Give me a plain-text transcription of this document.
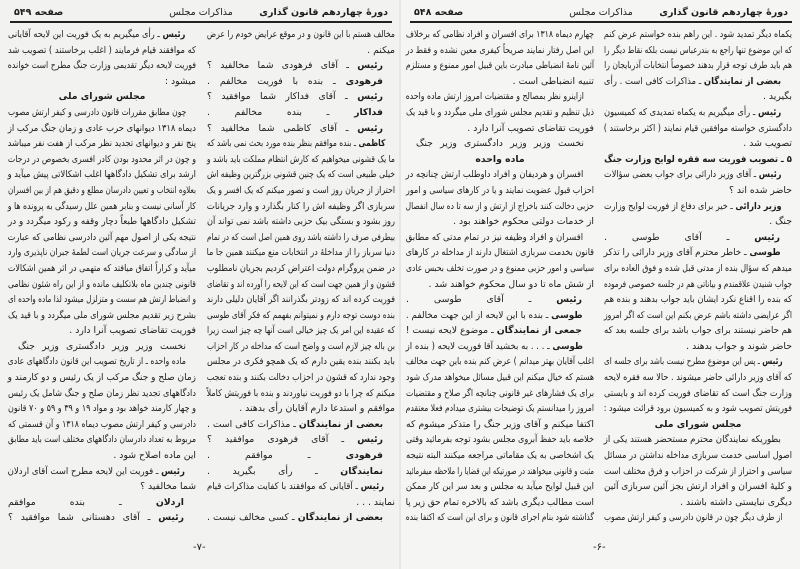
دورهٔ چهاردهم قانون گذاری
مذاکرات مجلس
صفحه ۵۴۹
مخالف هستم با این قانون و در موقع عرایض خودم را عرض
میکنم .
رئیس ـ آقای فرهودی شما مخالفید ؟
فرهودی ـ بنده با فوریت مخالفم .
رئیس ـ آقای فداکار شما موافقید ؟
فداکار ـ بنده مخالفم .
رئیس ـ آقای کاظمی شما مخالفید ؟
کاظمی ـ بنده موافقم بنظر بنده مورد بحث نمی باشد که
ما یک قشونی میخواهیم که کارش انتظام مملکت باید باشد و
خیلی طبیعی است که یک چنین قشونی بزرگترین وظیفه اش
احتراز از جریان روز است و تصور میکنم که یک افسر و یک
سربازی اگر وظیفه اش را کنار بگذارد و وارد جریانات
روز بشود و بستگی بیک حزبی داشته باشد نمی تواند آن
بیطرفی صرف را داشته باشد روی همین اصل است که در تمام
دنیا سرباز را از مداخلهٔ در انتخابات منع میکنند همین جا ما
در ضمن پروگرام دولت اعتراض کردیم بجریان نامطلوب
قشون و از همین جهت است که این لایحه را آورده اند و تقاضای
فوریت کرده اند که زودتر بگذرانند اگر آقایان دلیلی دارند
بنده دوست توجه دارم و نمیتوانم بفهمم که فکر آقای طوسی
که عقیده این امر یک چیز خیالی است آنها چه چیز است زیرا
بن باله چیز لازم است و واضح است که مداخله در کار احزاب
باید بکنند بنده یقین دارم که یک همچو فکری در مجلس
وجود ندارد که قشون در احزاب دخالت بکنند و بنده تعجب
میکنم که چرا با دو فوریت نیاوردند و بنده با فوریتش کاملاً
موافقم و استدعا دارم آقایان رأی بدهند .
بعضی از نمایندگان ـ مذاکرات کافی است .
رئیس ـ آقای فرهودی موافقید ؟
فرهودی ـ موافقم .
نمایندگان ـ رأی بگیرید .
رئیس ـ آقایانی که موافقند با کفایت مذاکرات قیام
نمایند . . .
بعضی از نمایندگان ـ کسی مخالف نیست .
رئیس ـ رأی میگیریم به یک فوریت این لایحه آقایانی
که موافقند قیام فرمایند ( اغلب برخاستند ) تصویب شد
فوریت لایحه دیگر تقدیمی وزارت جنگ مطرح است خوانده
میشود :
مجلس شورای ملی
چون مطابق مقررات قانون دادرسی و کیفر ارتش مصوب
دیماه ۱۳۱۸ دیوانهای حرب عادی و زمان جنگ مرکب از
پنج نفر و دیوانهای تجدید نظر مرکب از هفت نفر میباشد
و چون در اثر محدود بودن کادر افسری بخصوص در درجات
ارشد برای تشکیل دادگاهها اغلب اشکالاتی پیش میآید و
بعلاوه انتخاب و تعیین دادرسان مطلع و دقیق هم از بین افسران
کار آسانی نیست و بنابر همین علل رسیدگی به پرونده ها و
تشکیل دادگاهها طبعاً دچار وقفه و رکود میگردد و در
نتیجه یکی از اصول مهم آئین دادرسی نظامی که عبارت
از سادگی و سرعت جریان است لطمهٔ جبران ناپذیری وارد
میآید و کراراً اتفاق میافتد که متهمی در اثر همین اشکالات
قانونی چندین ماه بلاتکلیف مانده و از این راه شئون نظامی
و انضباط ارتش هم سست و متزلزل میشود لذا ماده واحده ای
بشرح زیر تقدیم مجلس شورای ملی میگردد و با قید یک
فوریت تقاضای تصویب آنرا دارد .
نخست وزیر وزیر دادگستری وزیر جنگ
ماده واحده ـ از تاریخ تصویب این قانون دادگاههای عادی
زمان صلح و جنگ مرکب از یک رئیس و دو کارمند و
دادگاههای تجدید نظر زمان صلح و جنگ شامل یک رئیس
و چهار کارمند خواهد بود و مواد ۱۹ و ۳۹ و ۵۹ و ۷۰ قانون
دادرسی و کیفر ارتش مصوب دیماه ۱۳۱۸ و آن قسمتی که
مربوط به تعداد دادرسان دادگاههای مختلف است باید مطابق
این ماده اصلاح شود .
رئیس ـ فوریت این لایحه مطرح است آقای اردلان
شما مخالفید ؟
اردلان ـ بنده موافقم
رئیس ـ آقای دهستانی شما موافقید ؟
-۷-
دورهٔ چهاردهم قانون گذاری
مذاکرات مجلس
صفحه ۵۴۸
یکماه دیگر تمدید شود . این راهم بنده خواستم عرض کنم
که این موضوع تنها راجع به بندرعباس نیست بلکه نقاط دیگر را
هم باید طرف توجه قرار بدهند خصوصاً انتخابات آذربایجان را
بعضی از نمایندگان ـ مذاکرات کافی است . رأی
بگیرید .
رئیس ـ رأی میگیریم به یکماه تمدیدی که کمیسیون
دادگستری خواسته موافقین قیام نمایند ( اکثر برخاستند )
تصویب شد .
۵ ـ تصویب فوریت سه فقره لوایح وزارت جنگ
رئیس ـ آقای وزیر دارائی برای جواب بعضی سؤالات
حاضر شده اند ؟
وزیر دارائی ـ خیر برای دفاع از فوریت لوایح وزارت
جنگ .
رئیس ـ آقای طوسی .
طوسی ـ خاطر محترم آقای وزیر دارائی را تذکر
میدهم که سؤال بنده از مدتی قبل شده و فوق العاده برای
جواب شنیدن علاقمندم و بیاناتی هم در جلسه خصوصی فرموده
که بنده را اقناع نکرد ایشان باید جواب بدهند و بنده هم
اگر عرایضی داشته باشم عرض بکنم این است که اگر امروز
هم حاضر نیستند برای جواب باشد برای جلسه بعد که
حاضر شوند و جواب بدهند .
رئیس ـ پس این موضوع مطرح نیست باشد برای جلسه ای
که آقای وزیر دارائی حاضر میشوند . حالا سه فقره لایحه
وزارت جنگ است که تقاضای فوریت کرده اند و بایستی
فوریتش تصویب شود و به کمیسیون برود قرائت میشود :
مجلس شورای ملی
بطوریکه نمایندگان محترم مستحضر هستند یکی از
اصول اساسی خدمت سربازی مداخله نداشتن در مسائل
سیاسی و احتراز از شرکت در احزاب و فرق مختلف است
و کلیهٔ افسران و افراد ارتش بجز آئین سربازی آئین
دیگری نبایستی داشته باشند .
از طرف دیگر چون در قانون دادرسی و کیفر ارتش مصوب
چهارم دیماه ۱۳۱۸ برای افسران و افراد نظامی که برخلاف
این اصل رفتار نمایند صریحاً کیفری معین نشده و فقط در
آئین نامهٔ انضباطی مبادرت باین قبیل امور ممنوع و مستلزم
تنبیه انضباطی است .
ازاینرو نظر بمصالح و مقتضیات امروز ارتش ماده واحده
ذیل تنظیم و تقدیم مجلس شورای ملی میگردد و با قید یک
فوریت تقاضای تصویب آنرا دارد .
نخست وزیر وزیر دادگستری وزیر جنگ
ماده واحده
افسران و هردیفان و افراد داوطلب ارتش چنانچه در
احزاب قبول عضویت نمایند و یا در کارهای سیاسی و امور
حزبی دخالت کنند باخراج از ارتش و از سه تا ده سال انفصال
از خدمات دولتی محکوم خواهند بود .
افسران و افراد وظیفه نیز در تمام مدتی که مطابق
قانون بخدمت سربازی اشتغال دارند از مداخله در کارهای
سیاسی و امور حزبی ممنوع و در صورت تخلف بحبس عادی
از شش ماه تا دو سال محکوم خواهند شد .
رئیس ـ آقای طوسی .
طوسی ـ بنده با این لایحه از این جهت مخالفم .
جمعی از نمایندگان ـ موضوع لایحه نیست !
طوسی ـ . . . به بخشید آقا فوریت لایحه ( بنده از
اغلب آقایان بهتر میدانم ) عرض کنم بنده باین جهت مخالف
هستم که خیال میکنم این قبیل مسائل میخواهد مدرک شود
برای یک فشارهای غیر قانونی چنانچه اگر صلاح و مقتضیات
امروز را میدانستم یک توضیحات بیشتری میدادم فعلا معتقدم
اکتفا میکنم و آقای وزیر جنگ را متذکر میشوم که
خلاصه باید حفظ آبروی مجلس بشود توجه بفرمائید وقتی
یک اشخاصی به یک مقاماتی مراجعه میکنند البته نتیجه
مثبت و قانونی میخواهند در صورتیکه این قضایا را ملاحظه میفرمائید
این قبیل لوایح میآید به مجلس و بعد سر این کار ممکن
است مطالب دیگری باشد که بالاخره تمام حق زیر پا
گذاشته شود بنام اجرای قانون و برای این است که اکتفا بنده
-۶-
